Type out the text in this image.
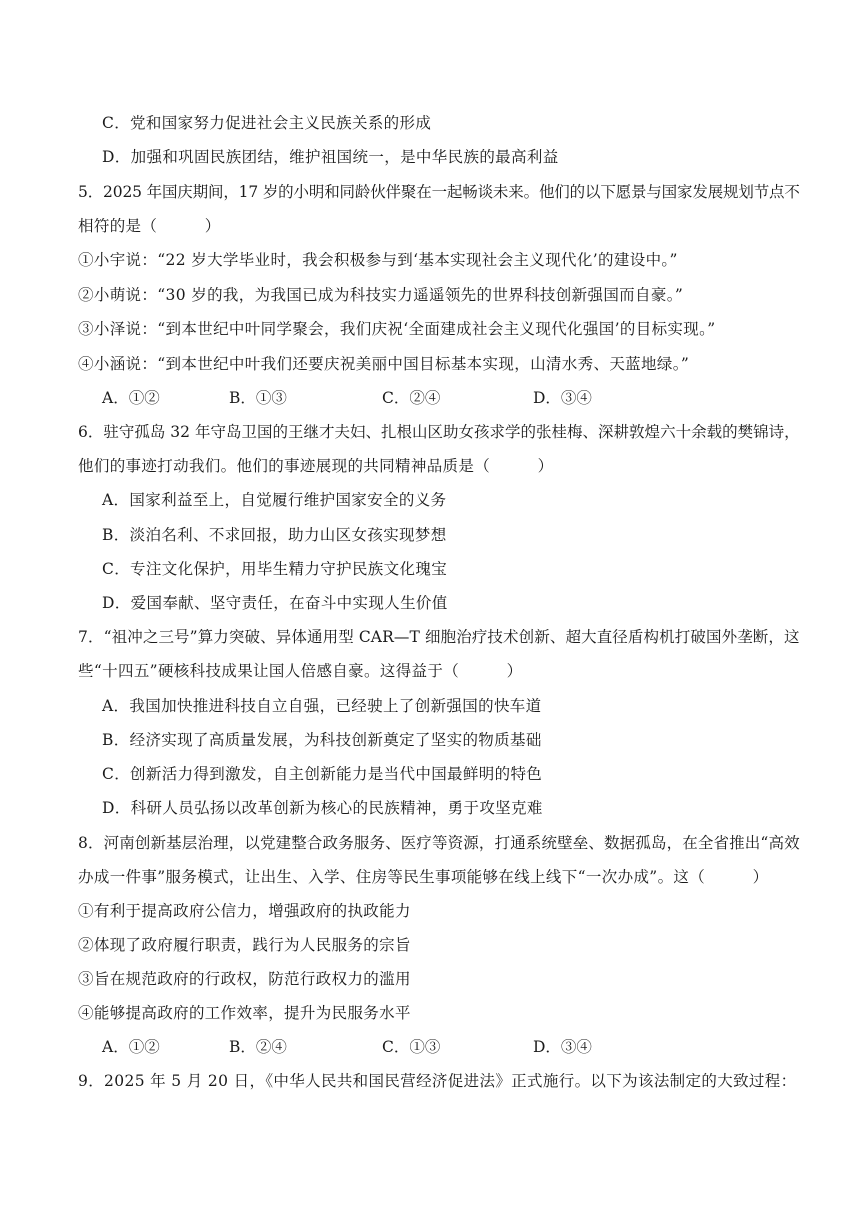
C．党和国家努力促进社会主义民族关系的形成
D．加强和巩固民族团结，维护祖国统一，是中华民族的最高利益
5．2025 年国庆期间，17 岁的小明和同龄伙伴聚在一起畅谈未来。他们的以下愿景与国家发展规划节点不
相符的是（　　　）
①小宇说：“22 岁大学毕业时，我会积极参与到‘基本实现社会主义现代化’的建设中。”
②小萌说：“30 岁的我，为我国已成为科技实力遥遥领先的世界科技创新强国而自豪。”
③小泽说：“到本世纪中叶同学聚会，我们庆祝‘全面建成社会主义现代化强国’的目标实现。”
④小涵说：“到本世纪中叶我们还要庆祝美丽中国目标基本实现，山清水秀、天蓝地绿。”
A．①②	B．①③	C．②④	D．③④
6．驻守孤岛 32 年守岛卫国的王继才夫妇、扎根山区助女孩求学的张桂梅、深耕敦煌六十余载的樊锦诗，
他们的事迹打动我们。他们的事迹展现的共同精神品质是（　　　）
A．国家利益至上，自觉履行维护国家安全的义务
B．淡泊名利、不求回报，助力山区女孩实现梦想
C．专注文化保护，用毕生精力守护民族文化瑰宝
D．爱国奉献、坚守责任，在奋斗中实现人生价值
7．“祖冲之三号”算力突破、异体通用型 CAR—T 细胞治疗技术创新、超大直径盾构机打破国外垄断，这
些“十四五”硬核科技成果让国人倍感自豪。这得益于（　　　）
A．我国加快推进科技自立自强，已经驶上了创新强国的快车道
B．经济实现了高质量发展，为科技创新奠定了坚实的物质基础
C．创新活力得到激发，自主创新能力是当代中国最鲜明的特色
D．科研人员弘扬以改革创新为核心的民族精神，勇于攻坚克难
8．河南创新基层治理，以党建整合政务服务、医疗等资源，打通系统壁垒、数据孤岛，在全省推出“高效
办成一件事”服务模式，让出生、入学、住房等民生事项能够在线上线下“一次办成”。这（　　　）
①有利于提高政府公信力，增强政府的执政能力
②体现了政府履行职责，践行为人民服务的宗旨
③旨在规范政府的行政权，防范行政权力的滥用
④能够提高政府的工作效率，提升为民服务水平
A．①②	B．②④	C．①③	D．③④
9．2025 年 5 月 20 日，《中华人民共和国民营经济促进法》正式施行。以下为该法制定的大致过程：
